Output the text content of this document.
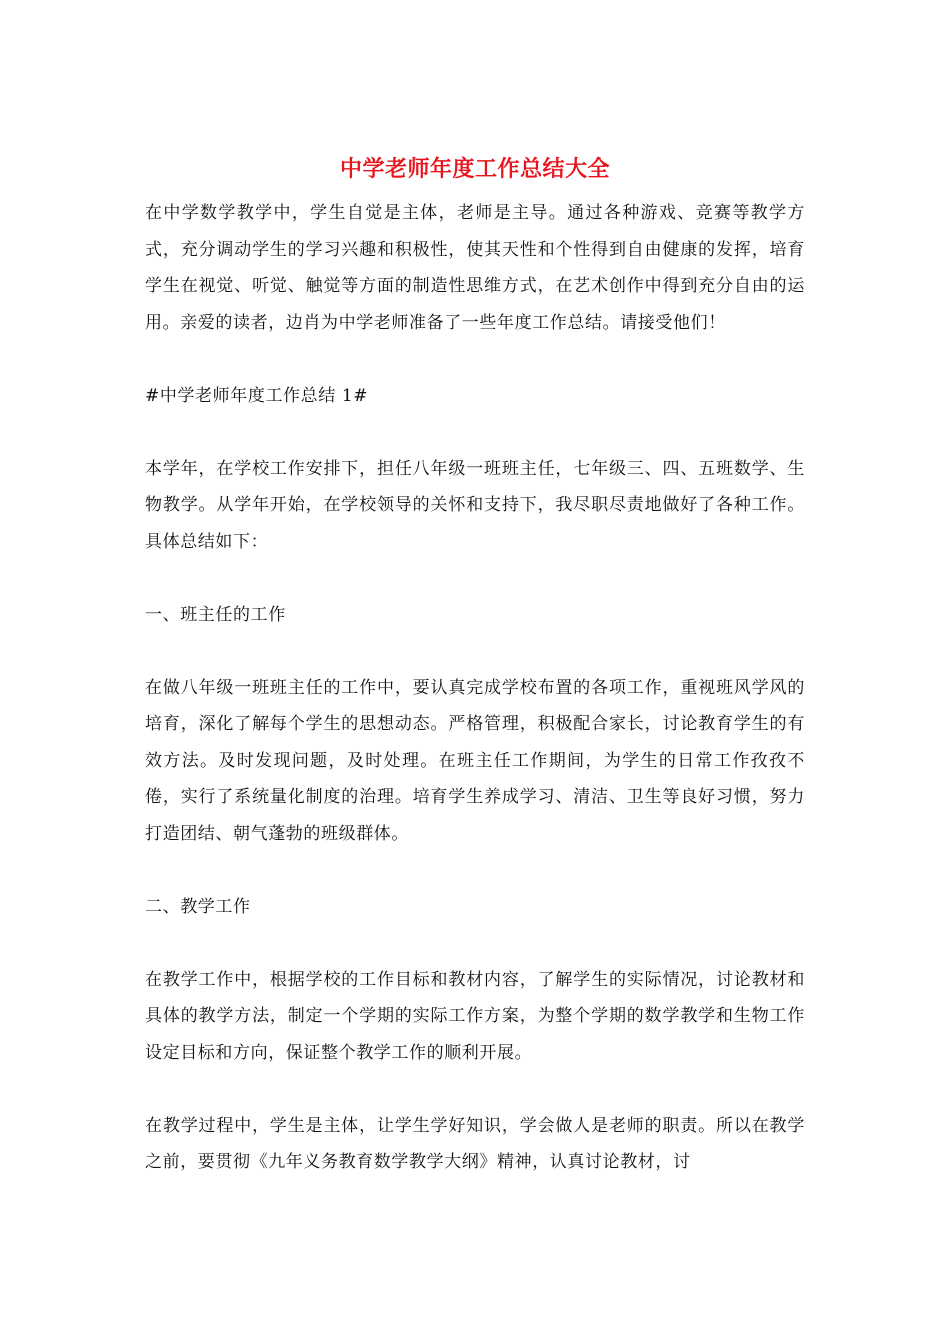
中学老师年度工作总结大全

在中学数学教学中，学生自觉是主体，老师是主导。通过各种游戏、竞赛等教学方式，充分调动学生的学习兴趣和积极性，使其天性和个性得到自由健康的发挥，培育学生在视觉、听觉、触觉等方面的制造性思维方式，在艺术创作中得到充分自由的运用。亲爱的读者，边肖为中学老师准备了一些年度工作总结。请接受他们！

#中学老师年度工作总结 1#

本学年，在学校工作安排下，担任八年级一班班主任，七年级三、四、五班数学、生物教学。从学年开始，在学校领导的关怀和支持下，我尽职尽责地做好了各种工作。具体总结如下：

一、班主任的工作

在做八年级一班班主任的工作中，要认真完成学校布置的各项工作，重视班风学风的培育，深化了解每个学生的思想动态。严格管理，积极配合家长，讨论教育学生的有效方法。及时发现问题，及时处理。在班主任工作期间，为学生的日常工作孜孜不倦，实行了系统量化制度的治理。培育学生养成学习、清洁、卫生等良好习惯，努力打造团结、朝气蓬勃的班级群体。

二、教学工作

在教学工作中，根据学校的工作目标和教材内容，了解学生的实际情况，讨论教材和具体的教学方法，制定一个学期的实际工作方案，为整个学期的数学教学和生物工作设定目标和方向，保证整个教学工作的顺利开展。

在教学过程中，学生是主体，让学生学好知识，学会做人是老师的职责。所以在教学之前，要贯彻《九年义务教育数学教学大纲》精神，认真讨论教材，讨
